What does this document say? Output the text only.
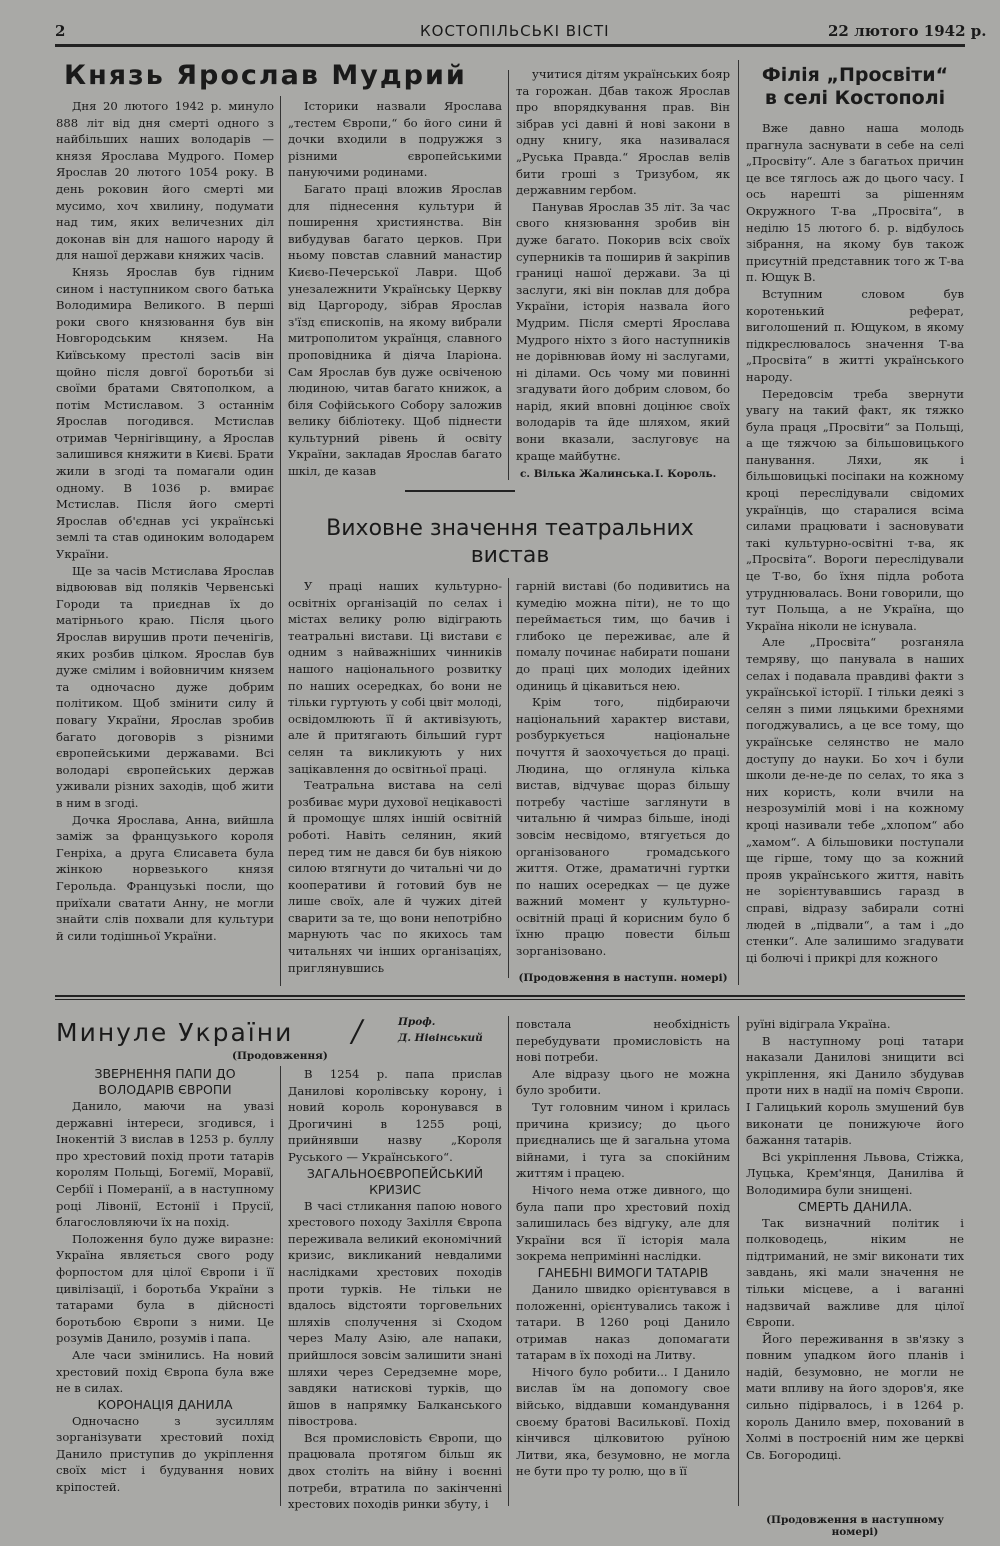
2	КОСТОПІЛЬСЬКІ ВІСТІ	22 лютого 1942 р.
Князь Ярослав Мудрий

Дня 20 лютого 1942 р. минуло 888 літ від дня смерті одного з найбільших наших володарів — князя Ярослава Мудрого. Помер Ярослав 20 лютого 1054 року. В день роковин його смерті ми мусимо, хоч хвилину, подумати над тим, яких величезних діл доконав він для нашого народу й для нашої держави княжих часів.

Князь Ярослав був гідним сином і наступником свого батька Володимира Великого. В перші роки свого князювання був він Новгородським князем. На Київському престолі засів він щойно після довгої боротьби зі своїми братами Святополком, а потім Мстиславом. З останнім Ярослав погодився. Мстислав отримав Чернігівщину, а Ярослав залишився княжити в Києві. Брати жили в згоді та помагали один одному. В 1036 р. вмирає Мстислав. Після його смерті Ярослав об'єднав усі українські землі та став одиноким володарем України.

Ще за часів Мстислава Ярослав відвоював від поляків Червенські Городи та приєднав їх до матірнього краю. Після цього Ярослав вирушив проти печенігів, яких розбив цілком. Ярослав був дуже смілим і войовничим князем та одночасно дуже добрим політиком. Щоб змінити силу й повагу України, Ярослав зробив багато договорів з різними європейськими державами. Всі володарі європейських держав уживали різних заходів, щоб жити в ним в згоді.

Дочка Ярослава, Анна, вийшла заміж за французького короля Генріха, а друга Єлисавета була жінкою норвезького князя Герольда. Французькі посли, що приїхали сватати Анну, не могли знайти слів похвали для культури й сили тодішньої України.

Історики назвали Ярослава „тестем Європи,“ бо його сини й дочки входили в подружжя з різними європейськими пануючими родинами.

Багато праці вложив Ярослав для піднесення культури й поширення християнства. Він вибудував багато церков. При ньому повстав славний манастир Києво-Печерської Лаври. Щоб унезалежнити Українську Церкву від Царгороду, зібрав Ярослав з'їзд єпископів, на якому вибрали митрополитом українця, славного проповідника й діяча Іларіона. Сам Ярослав був дуже освіченою людиною, читав багато книжок, а біля Софійського Собору заложив велику бібліотеку. Щоб піднести культурний рівень й освіту України, закладав Ярослав багато шкіл, де казав

учитися дітям українських бояр та горожан. Дбав також Ярослав про впорядкування прав. Він зібрав усі давні й нові закони в одну книгу, яка називалася „Руська Правда.“ Ярослав велів бити гроші з Тризубом, як державним гербом.

Панував Ярослав 35 літ. За час свого князювання зробив він дуже багато. Покорив всіх своїх суперників та поширив й закріпив границі нашої держави. За ці заслуги, які він поклав для добра України, історія назвала його Мудрим. Після смерті Ярослава Мудрого ніхто з його наступників не дорівнював йому ні заслугами, ні ділами. Ось чому ми повинні згадувати його добрим словом, бо нарід, який вповні доцінює своїх володарів та йде шляхом, який вони вказали, заслуговує на краще майбутнє.

с. Вілька Жалинська. І. Король.
Виховне значення театральних
вистав

У праці наших культурно-освітніх організацій по селах і містах велику ролю відіграють театральні вистави. Ці вистави є одним з найважніших чинників нашого національного розвитку по наших осередках, бо вони не тільки гуртують у собі цвіт молоді, освідомлюють її й активізують, але й притягають більший гурт селян та викликують у них зацікавлення до освітньої праці.

Театральна вистава на селі розбиває мури духової нецікавості й промощує шлях іншій освітній роботі. Навіть селянин, який перед тим не дався би був ніякою силою втягнути до читальні чи до кооперативи й готовий був не лише своїх, але й чужих дітей сварити за те, що вони непотрібно марнують час по якихось там читальнях чи інших організаціях, приглянувшись

гарній виставі (бо подивитись на кумедію можна піти), не то що переймається тим, що бачив і глибоко це переживає, але й помалу починає набирати пошани до праці цих молодих ідейних одиниць й цікавиться нею.

Крім того, підбираючи національний характер вистави, розбуркується національне почуття й заохочується до праці. Людина, що оглянула кілька вистав, відчуває щораз більшу потребу частіше заглянути в читальню й чимраз більше, іноді зовсім несвідомо, втягується до організованого громадського життя. Отже, драматичні гуртки по наших осередках — це дуже важний момент у культурно-освітній праці й корисним було б їхню працю повести більш зорганізовано.

(Продовження в наступн. номері)
Філія „Просвіти“
в селі Костополі

Вже давно наша молодь прагнула заснувати в себе на селі „Просвіту“. Але з багатьох причин це все тяглось аж до цього часу. І ось нарешті за рішенням Окружного Т-ва „Просвіта“, в неділю 15 лютого б. р. відбулось зібрання, на якому був також присутній представник того ж Т-ва п. Ющук В.

Вступним словом був коротенький реферат, виголошений п. Ющуком, в якому підкреслювалось значення Т-ва „Просвіта“ в житті українського народу.

Передовсім треба звернути увагу на такий факт, як тяжко була праця „Просвіти“ за Польщі, а ще тяжчою за більшовицького панування. Ляхи, як і більшовицькі посіпаки на кожному кроці переслідували свідомих українців, що старалися всіма силами працювати і засновувати такі культурно-освітні т-ва, як „Просвіта“. Вороги переслідували це Т-во, бо їхня підла робота утруднювалась. Вони говорили, що тут Польща, а не Україна, що Україна ніколи не існувала.

Але „Просвіта“ розганяла темряву, що панувала в наших селах і подавала правдиві факти з української історії. І тільки деякі з селян з пими ляцькими брехнями погоджувались, а це все тому, що українське селянство не мало доступу до науки. Бо хоч і були школи де-не-де по селах, то яка з них користь, коли вчили на незрозумілій мові і на кожному кроці називали тебе „хлопом“ або „хамом“. А більшовики поступали ще гірше, тому що за кожний прояв українського життя, навіть не зорієнтувавшись гаразд в справі, відразу забирали сотні людей в „підвали“, а там і „до стенки“. Але залишимо згадувати ці болючі і прикрі для кожного

Минуле України /	Проф.
Д. Нівінський
(Продовження)
ЗВЕРНЕННЯ ПАПИ ДО ВОЛОДАРІВ ЄВРОПИ

Данило, маючи на увазі державні інтереси, згодився, і Інокентій 3 вислав в 1253 р. буллу про хрестовий похід проти татарів королям Польщі, Богемії, Моравії, Сербії і Померанії, а в наступному році Лівонії, Естонії і Прусії, благословляючи їх на похід.

Положення було дуже виразне: Україна являється свого роду форпостом для цілої Європи і її цивілізації, і боротьба України з татарами була в дійсності боротьбою Європи з ними. Це розумів Данило, розумів і папа.

Але часи змінились. На новий хрестовий похід Європа була вже не в силах.

КОРОНАЦІЯ ДАНИЛА

Одночасно з зусиллям зорганізувати хрестовий похід Данило приступив до укріплення своїх міст і будування нових кріпостей.

В 1254 р. папа прислав Данилові королівську корону, і новий король коронувався в Дрогичині в 1255 році, прийнявши назву „Короля Руського — Українського“.

ЗАГАЛЬНОЄВРОПЕЙСЬКИЙ КРИЗИС

В часі стликання папою нового хрестового походу Захілля Європа переживала великий економічний кризис, викликаний невдалими наслідками хрестових походів проти турків. Не тільки не вдалось відстояти торговельних шляхів сполучення зі Сходом через Малу Азію, але напаки, прийшлося зовсім залишити знані шляхи через Середземне море, завдяки натискові турків, що йшов в напрямку Балканського півострова.

Вся промисловість Європи, що працювала протягом більш як двох століть на війну і воєнні потреби, втратила по закінченні хрестових походів ринки збуту, і

повстала необхідність перебудувати промисловість на нові потреби.

Але відразу цього не можна було зробити.

Тут головним чином і крилась причина кризису; до цього приєднались ще й загальна утома війнами, і туга за спокійним життям і працею.

Нічого нема отже дивного, що була папи про хрестовий похід залишилась без відгуку, але для України вся її історія мала зокрема непримінні наслідки.

ГАНЕБНІ ВИМОГИ ТАТАРІВ

Данило швидко орієнтувався в положенні, орієнтувались також і татари. В 1260 році Данило отримав наказ допомагати татарам в їх поході на Литву.

Нічого було робити... І Данило вислав їм на допомогу свое військо, віддавши командування своєму братові Васильковї. Похід кінчився цілковитою руїною Литви, яка, безумовно, не могла не бути про ту ролю, що в її

руїні відіграла Україна.

В наступному році татари наказали Данилові знищити всі укріплення, які Данило збудував проти них в надії на поміч Європи. І Галицький король змушений був виконати це понижуюче його бажання татарів.

Всі укріплення Львова, Стіжка, Луцька, Крем'янця, Даниліва й Володимира були знищені.

СМЕРТЬ ДАНИЛА.

Так визначний політик і полководець, ніким не підтриманий, не зміг виконати тих завдань, які мали значення не тільки місцеве, а і ваганні надзвичай важливе для цілої Європи.

Його переживання в зв'язку з повним упадком його планів і надій, безумовно, не могли не мати впливу на його здоров'я, яке сильно підірвалось, і в 1264 р. король Данило вмер, похований в Холмі в построєній ним же церкві Св. Богородиці.

(Продовження в наступному номері)
